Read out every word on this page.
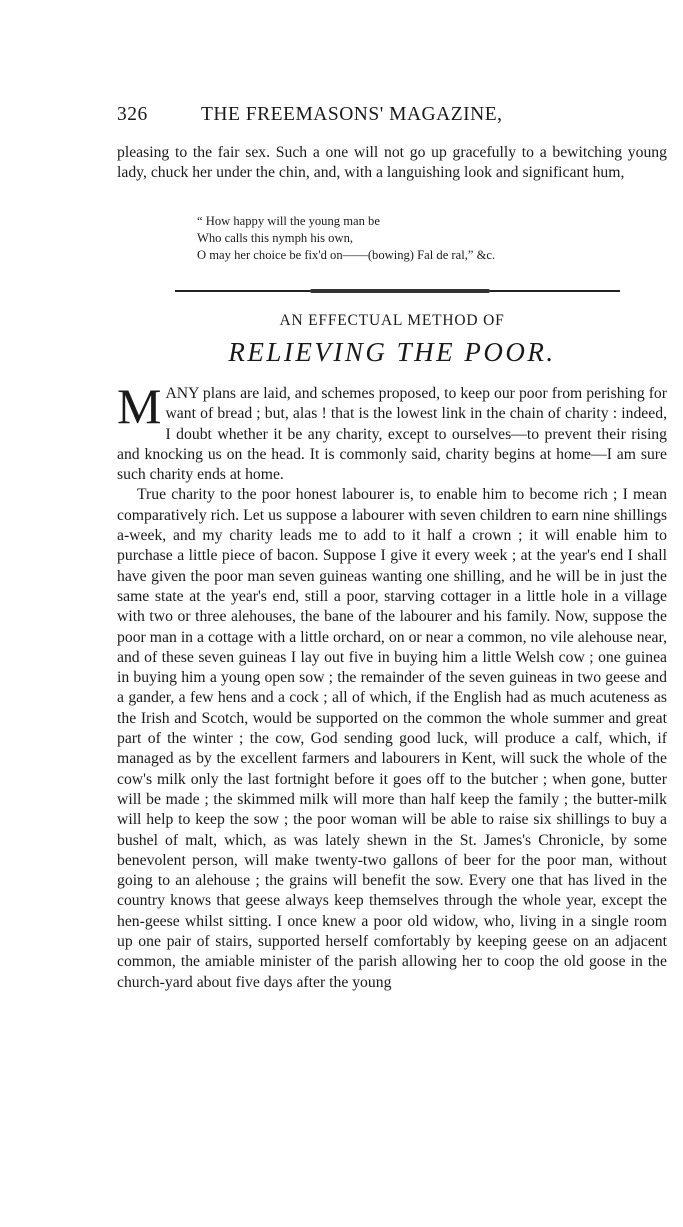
326	THE FREEMASONS' MAGAZINE,

pleasing to the fair sex. Such a one will not go up gracefully to a bewitching young lady, chuck her under the chin, and, with a languishing look and significant hum,

“ How happy will the young man be
Who calls this nymph his own,
O may her choice be fix'd on——(bowing) Fal de ral,” &c.
AN EFFECTUAL METHOD OF
RELIEVING THE POOR.

M ANY plans are laid, and schemes proposed, to keep our poor from perishing for want of bread ; but, alas ! that is the lowest link in the chain of charity : indeed, I doubt whether it be any charity, except to ourselves—to prevent their rising and knocking us on the head. It is commonly said, charity begins at home—I am sure such charity ends at home.

True charity to the poor honest labourer is, to enable him to become rich ; I mean comparatively rich. Let us suppose a labourer with seven children to earn nine shillings a-week, and my charity leads me to add to it half a crown ; it will enable him to purchase a little piece of bacon. Suppose I give it every week ; at the year's end I shall have given the poor man seven guineas wanting one shilling, and he will be in just the same state at the year's end, still a poor, starving cottager in a little hole in a village with two or three alehouses, the bane of the labourer and his family. Now, suppose the poor man in a cottage with a little orchard, on or near a common, no vile alehouse near, and of these seven guineas I lay out five in buying him a little Welsh cow ; one guinea in buying him a young open sow ; the remainder of the seven guineas in two geese and a gander, a few hens and a cock ; all of which, if the English had as much acuteness as the Irish and Scotch, would be supported on the common the whole summer and great part of the winter ; the cow, God sending good luck, will produce a calf, which, if managed as by the excellent farmers and labourers in Kent, will suck the whole of the cow's milk only the last fortnight before it goes off to the butcher ; when gone, butter will be made ; the skimmed milk will more than half keep the family ; the butter-milk will help to keep the sow ; the poor woman will be able to raise six shillings to buy a bushel of malt, which, as was lately shewn in the St. James's Chronicle, by some benevolent person, will make twenty-two gallons of beer for the poor man, without going to an alehouse ; the grains will benefit the sow. Every one that has lived in the country knows that geese always keep themselves through the whole year, except the hen-geese whilst sitting. I once knew a poor old widow, who, living in a single room up one pair of stairs, supported herself comfortably by keeping geese on an adjacent common, the amiable minister of the parish allowing her to coop the old goose in the church-yard about five days after the young
